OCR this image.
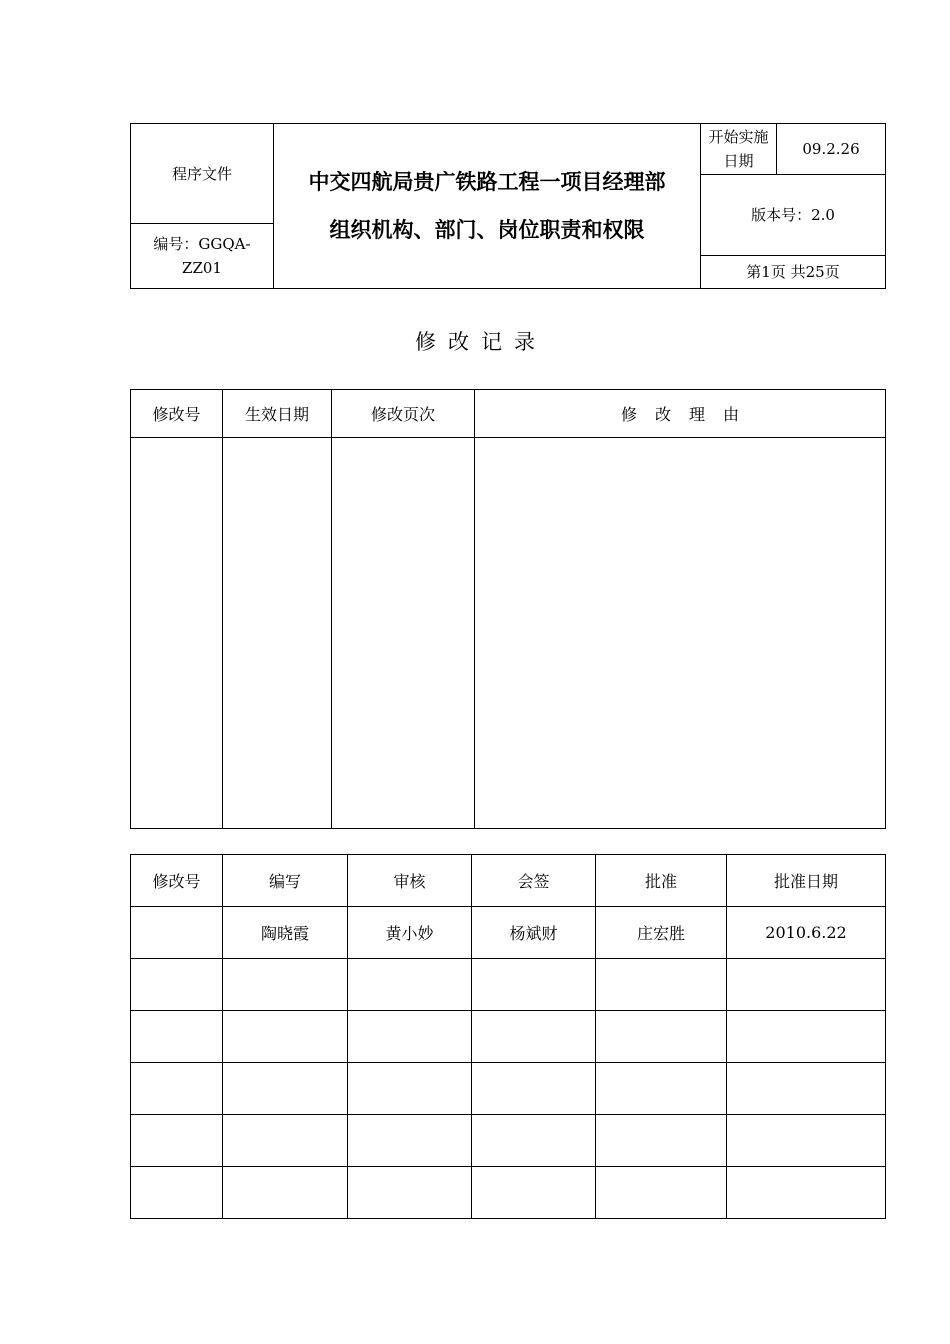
程序文件	中交四航局贵广铁路工程一项目经理部
组织机构、部门、岗位职责和权限
	开始实施日期	09.2.26
版本号：2.0
编号：GGQA-ZZ01
第1页 共25页
修改记录
修改号	生效日期	修改页次	修改理由

修改号	编写	审核	会签	批准	批准日期
	陶晓霞	黄小妙	杨斌财	庄宏胜	2010.6.22
